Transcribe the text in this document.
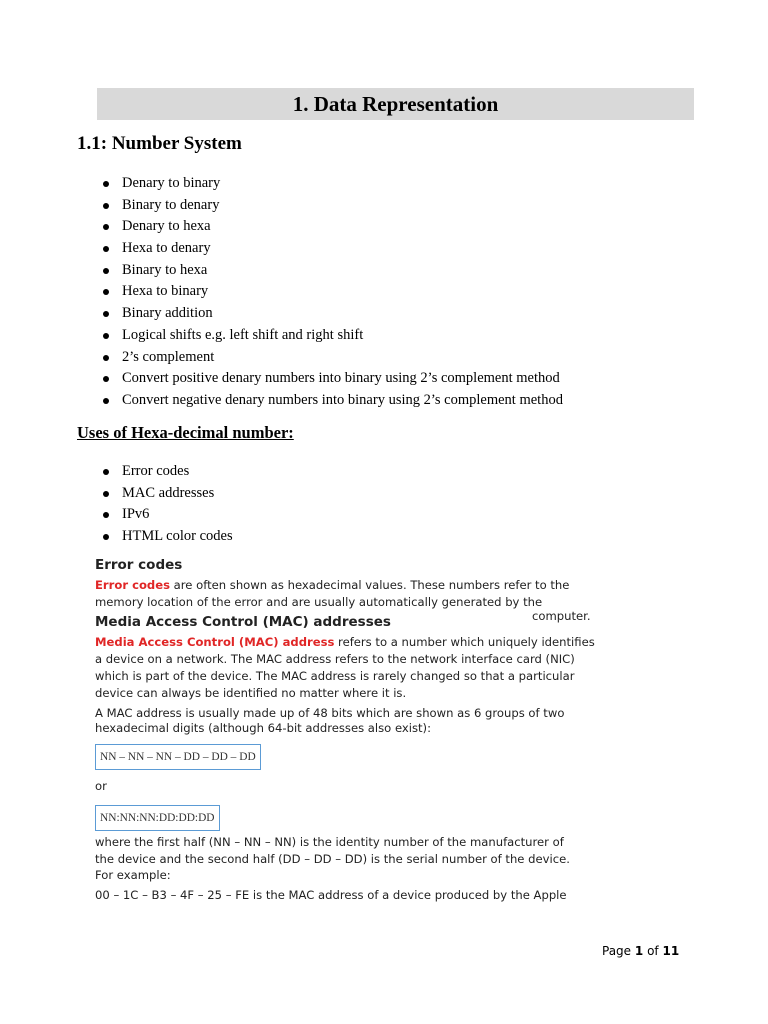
1. Data Representation
1.1: Number System
Denary to binary
Binary to denary
Denary to hexa
Hexa to denary
Binary to hexa
Hexa to binary
Binary addition
Logical shifts e.g. left shift and right shift
2’s complement
Convert positive denary numbers into binary using 2’s complement method
Convert negative denary numbers into binary using 2’s complement method
Uses of Hexa-decimal number:
Error codes
MAC addresses
IPv6
HTML color codes
Error codes
Error codes are often shown as hexadecimal values. These numbers refer to the
memory location of the error and are usually automatically generated by the
computer.
Media Access Control (MAC) addresses
Media Access Control (MAC) address refers to a number which uniquely identifies
a device on a network. The MAC address refers to the network interface card (NIC)
which is part of the device. The MAC address is rarely changed so that a particular
device can always be identified no matter where it is.
A MAC address is usually made up of 48 bits which are shown as 6 groups of two
hexadecimal digits (although 64-bit addresses also exist):
NN – NN – NN – DD – DD – DD
or
NN:NN:NN:DD:DD:DD
where the first half (NN – NN – NN) is the identity number of the manufacturer of
the device and the second half (DD – DD – DD) is the serial number of the device.
For example:
00 – 1C – B3 – 4F – 25 – FE is the MAC address of a device produced by the Apple
Page 1 of 11
